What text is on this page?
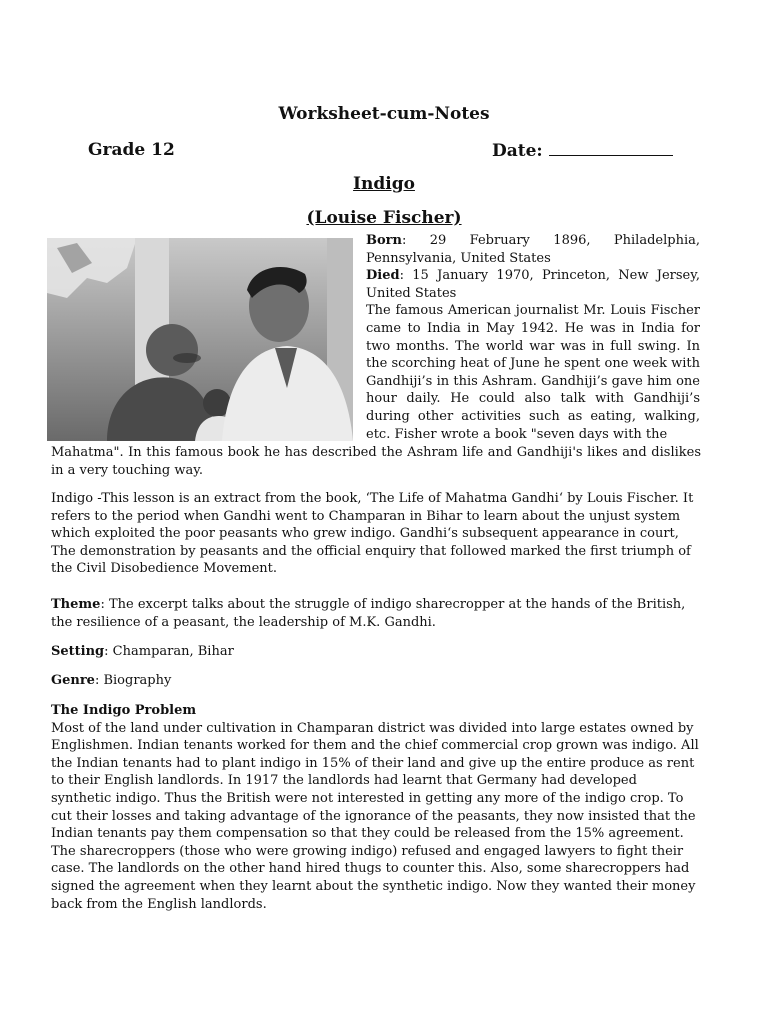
Worksheet-cum-Notes
Grade 12	Date:
Indigo
(Louise Fischer)

Born: 29 February 1896, Philadelphia, Pennsylvania, United States

Died: 15 January 1970, Princeton, New Jersey, United States

The famous American journalist Mr. Louis Fischer came to India in May 1942. He was in India for two months. The world war was in full swing. In the scorching heat of June he spent one week with Gandhiji’s in this Ashram. Gandhiji’s gave him one hour daily. He could also talk with Gandhiji’s during other activities such as eating, walking, etc. Fisher wrote a book "seven days with the

Mahatma". In this famous book he has described the Ashram life and Gandhiji's likes and dislikes in a very touching way.
Indigo -This lesson is an extract from the book, ‘The Life of Mahatma Gandhi‘ by Louis Fischer. It refers to the period when Gandhi went to Champaran in Bihar to learn about the unjust system which exploited the poor peasants who grew indigo. Gandhi‘s subsequent appearance in court, The demonstration by peasants and the official enquiry that followed marked the first triumph of the Civil Disobedience Movement.
Theme: The excerpt talks about the struggle of indigo sharecropper at the hands of the British, the resilience of a peasant, the leadership of M.K. Gandhi.
Setting: Champaran, Bihar
Genre: Biography

The Indigo Problem

Most of the land under cultivation in Champaran district was divided into large estates owned by Englishmen. Indian tenants worked for them and the chief commercial crop grown was indigo. All the Indian tenants had to plant indigo in 15% of their land and give up the entire produce as rent to their English landlords. In 1917 the landlords had learnt that Germany had developed synthetic indigo. Thus the British were not interested in getting any more of the indigo crop. To cut their losses and taking advantage of the ignorance of the peasants, they now insisted that the Indian tenants pay them compensation so that they could be released from the 15% agreement. The sharecroppers (those who were growing indigo) refused and engaged lawyers to fight their case. The landlords on the other hand hired thugs to counter this. Also, some sharecroppers had signed the agreement when they learnt about the synthetic indigo. Now they wanted their money back from the English landlords.
